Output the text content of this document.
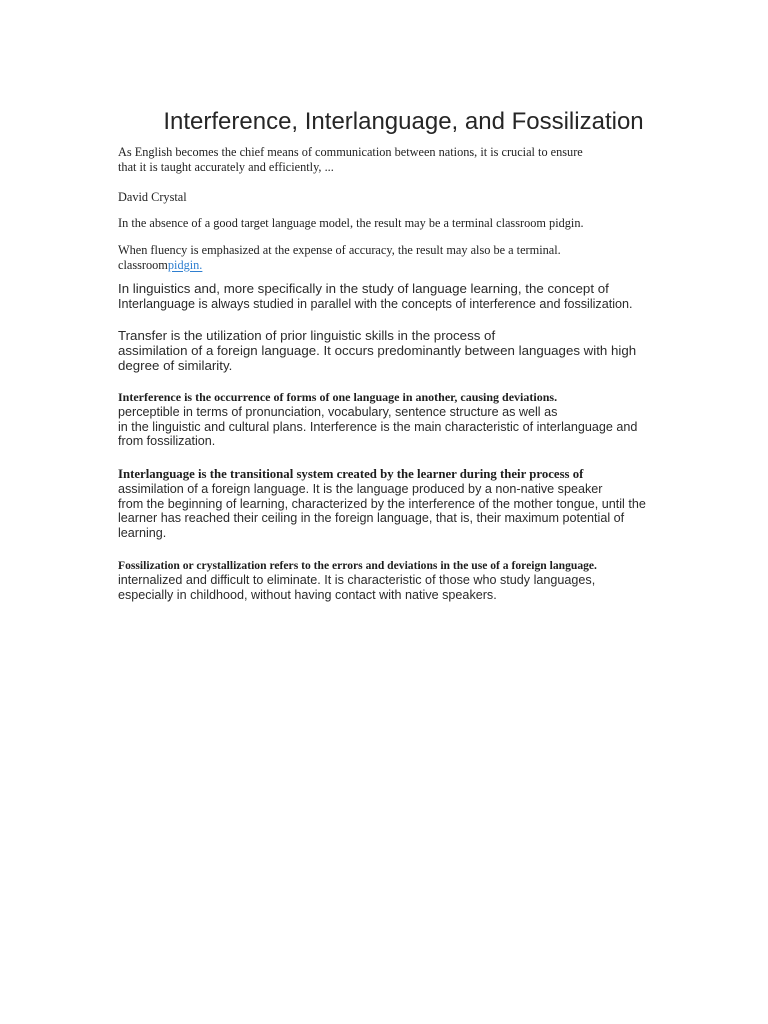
Interference, Interlanguage, and Fossilization
As English becomes the chief means of communication between nations, it is crucial to ensure
that it is taught accurately and efficiently, ...
David Crystal
In the absence of a good target language model, the result may be a terminal classroom pidgin.
When fluency is emphasized at the expense of accuracy, the result may also be a terminal.
classroompidgin.
In linguistics and, more specifically in the study of language learning, the concept of
Interlanguage is always studied in parallel with the concepts of interference and fossilization.
Transfer is the utilization of prior linguistic skills in the process of
assimilation of a foreign language. It occurs predominantly between languages with high
degree of similarity.
Interference is the occurrence of forms of one language in another, causing deviations.
perceptible in terms of pronunciation, vocabulary, sentence structure as well as
in the linguistic and cultural plans. Interference is the main characteristic of interlanguage and
from fossilization.
Interlanguage is the transitional system created by the learner during their process of
assimilation of a foreign language. It is the language produced by a non-native speaker
from the beginning of learning, characterized by the interference of the mother tongue, until the
learner has reached their ceiling in the foreign language, that is, their maximum potential of
learning.
Fossilization or crystallization refers to the errors and deviations in the use of a foreign language.
internalized and difficult to eliminate. It is characteristic of those who study languages,
especially in childhood, without having contact with native speakers.
